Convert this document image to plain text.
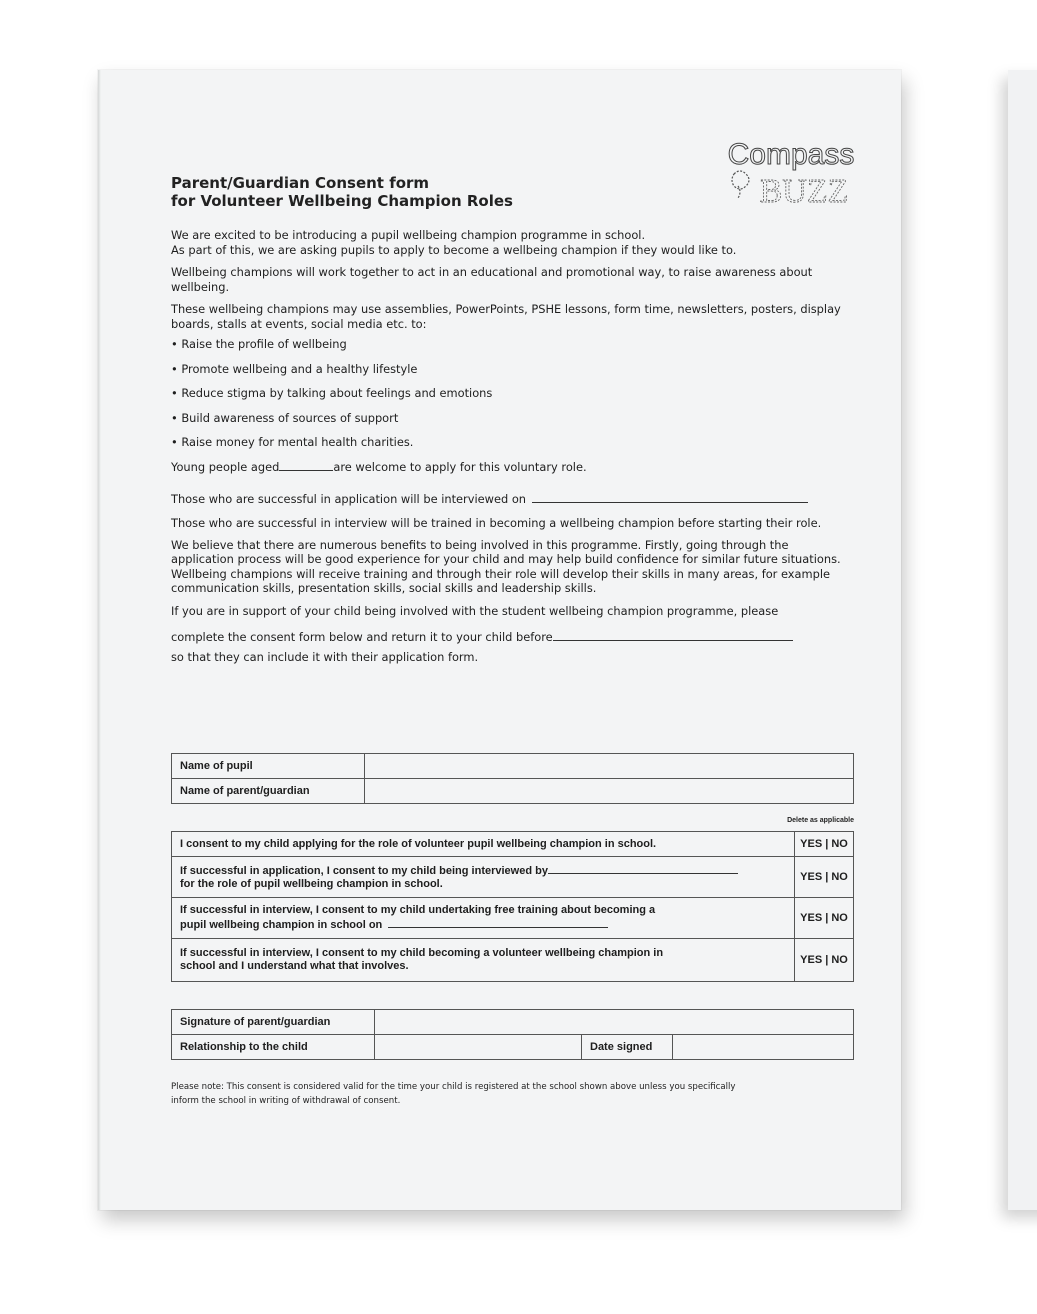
Compass
BUZZ
Parent/Guardian Consent form
for Volunteer Wellbeing Champion Roles

We are excited to be introducing a pupil wellbeing champion programme in school.

As part of this, we are asking pupils to apply to become a wellbeing champion if they would like to.

Wellbeing champions will work together to act in an educational and promotional way, to raise awareness about wellbeing.

These wellbeing champions may use assemblies, PowerPoints, PSHE lessons, form time, newsletters, posters, display boards, stalls at events, social media etc. to:

• Raise the profile of wellbeing

• Promote wellbeing and a healthy lifestyle

• Reduce stigma by talking about feelings and emotions

• Build awareness of sources of support

• Raise money for mental health charities.

Young people aged	are welcome to apply for this voluntary role.

Those who are successful in application will be interviewed on

Those who are successful in interview will be trained in becoming a wellbeing champion before starting their role.

We believe that there are numerous benefits to being involved in this programme. Firstly, going through the application process will be good experience for your child and may help build confidence for similar future situations. Wellbeing champions will receive training and through their role will develop their skills in many areas, for example communication skills, presentation skills, social skills and leadership skills.

If you are in support of your child being involved with the student wellbeing champion programme, please

complete the consent form below and return it to your child before

so that they can include it with their application form.

Name of pupil	
Name of parent/guardian	
Delete as applicable
I consent to my child applying for the role of volunteer pupil wellbeing champion in school.	YES | NO
If successful in application, I consent to my child being interviewed by
for the role of pupil wellbeing champion in school.	YES | NO
If successful in interview, I consent to my child undertaking free training about becoming a
pupil wellbeing champion in school on	YES | NO
If successful in interview, I consent to my child becoming a volunteer wellbeing champion in
school and I understand what that involves.	YES | NO
Signature of parent/guardian			
Relationship to the child		Date signed	
Please note: This consent is considered valid for the time your child is registered at the school shown above unless you specifically
inform the school in writing of withdrawal of consent.
